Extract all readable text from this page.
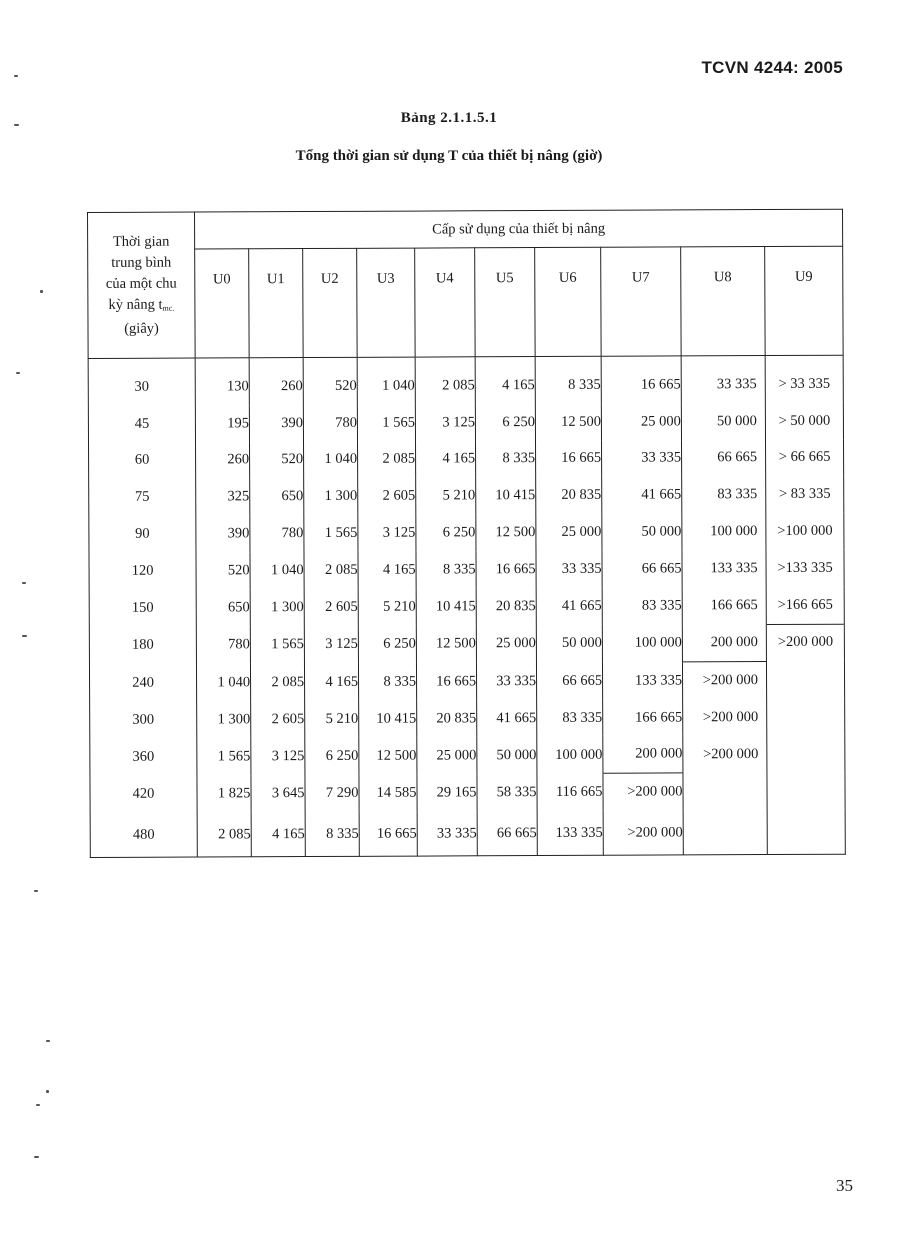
TCVN 4244: 2005
Bảng 2.1.1.5.1
Tổng thời gian sử dụng T của thiết bị nâng (giờ)
Thời gian
trung bình
của một chu
kỳ nâng $t_{mc.}$
(giây)	Cấp sử dụng của thiết bị nâng									
	U0	U1	U2	U3	U4	U5	U6	U7	U8	U9
30	130	260	520	1 040	2 085	4 165	8 335	16 665	33 335	> 33 335
45	195	390	780	1 565	3 125	6 250	12 500	25 000	50 000	> 50 000
60	260	520	1 040	2 085	4 165	8 335	16 665	33 335	66 665	> 66 665
75	325	650	1 300	2 605	5 210	10 415	20 835	41 665	83 335	> 83 335
90	390	780	1 565	3 125	6 250	12 500	25 000	50 000	100 000	>100 000
120	520	1 040	2 085	4 165	8 335	16 665	33 335	66 665	133 335	>133 335
150	650	1 300	2 605	5 210	10 415	20 835	41 665	83 335	166 665	>166 665
180	780	1 565	3 125	6 250	12 500	25 000	50 000	100 000	200 000	>200 000
240	1 040	2 085	4 165	8 335	16 665	33 335	66 665	133 335	>200 000	
300	1 300	2 605	5 210	10 415	20 835	41 665	83 335	166 665	>200 000	
360	1 565	3 125	6 250	12 500	25 000	50 000	100 000	200 000	>200 000	
420	1 825	3 645	7 290	14 585	29 165	58 335	116 665	>200 000		
480	2 085	4 165	8 335	16 665	33 335	66 665	133 335	>200 000		
35
